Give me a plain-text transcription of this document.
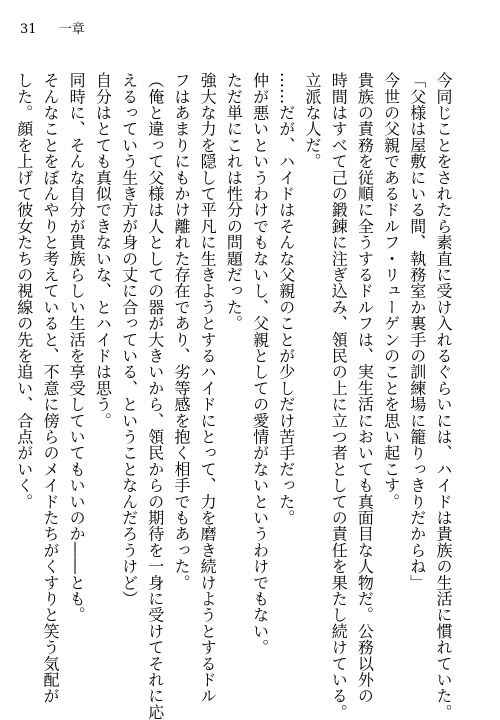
31 一章
今同じことをされたら素直に受け入れるぐらいには、ハイドは貴族の生活に慣れていた。
「父様は屋敷にいる間、執務室か裏手の訓練場に籠りっきりだからね」
今世の父親であるドルフ・リューゲンのことを思い起こす。
貴族の責務を従順に全うするドルフは、実生活においても真面目な人物だ。公務以外の
時間はすべて己の鍛錬に注ぎ込み、領民の上に立つ者としての責任を果たし続けている。
立派な人だ。
……だが、ハイドはそんな父親のことが少しだけ苦手だった。
仲が悪いというわけでもないし、父親としての愛情がないというわけでもない。
ただ単にこれは性分の問題だった。
強大な力を隠して平凡に生きようとするハイドにとって、力を磨き続けようとするドル
フはあまりにもかけ離れた存在であり、劣等感を抱く相手でもあった。
（俺と違って父様は人としての器が大きいから、領民からの期待を一身に受けてそれに応
えるっていう生き方が身の丈に合っている、ということなんだろうけど）
自分はとても真似できないな、とハイドは思う。
同時に、そんな自分が貴族らしい生活を享受していてもいいのか――とも。
そんなことをぼんやりと考えていると、不意に傍らのメイドたちがくすりと笑う気配が
した。顔を上げて彼女たちの視線の先を追い、合点がいく。
